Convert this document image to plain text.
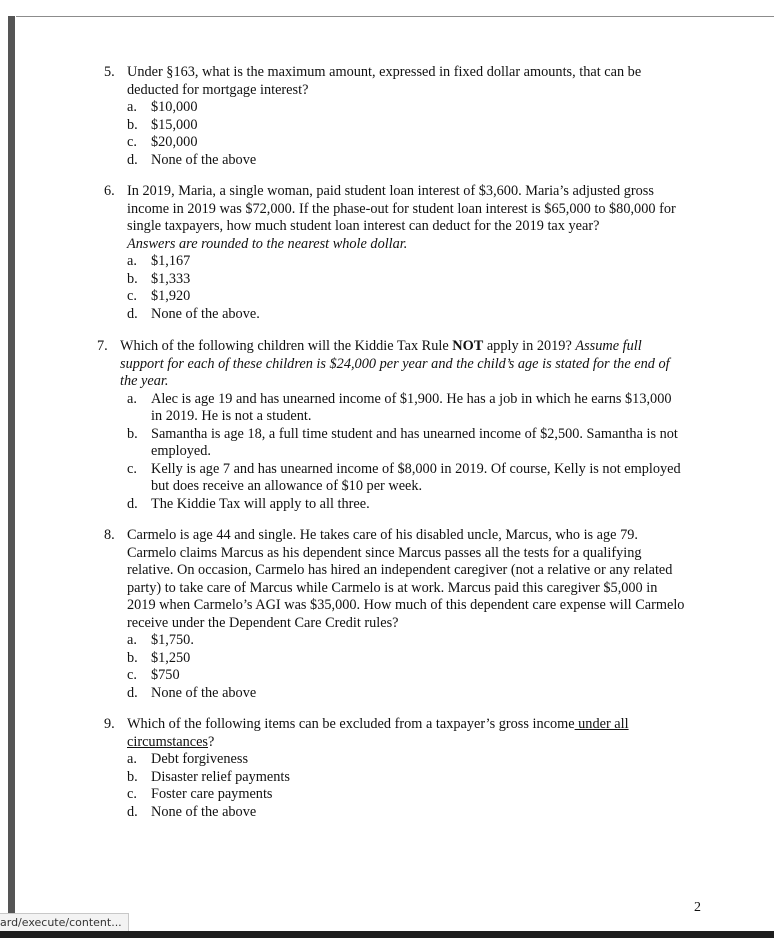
5. Under §163, what is the maximum amount, expressed in fixed dollar amounts, that can be deducted for mortgage interest?
a. $10,000
b. $15,000
c. $20,000
d. None of the above
6. In 2019, Maria, a single woman, paid student loan interest of $3,600. Maria’s adjusted gross income in 2019 was $72,000. If the phase-out for student loan interest is $65,000 to $80,000 for single taxpayers, how much student loan interest can deduct for the 2019 tax year?
Answers are rounded to the nearest whole dollar.
a. $1,167
b. $1,333
c. $1,920
d. None of the above.
7. Which of the following children will the Kiddie Tax Rule NOT apply in 2019? Assume full support for each of these children is $24,000 per year and the child’s age is stated for the end of the year.
a. Alec is age 19 and has unearned income of $1,900. He has a job in which he earns $13,000 in 2019. He is not a student.
b. Samantha is age 18, a full time student and has unearned income of $2,500. Samantha is not employed.
c. Kelly is age 7 and has unearned income of $8,000 in 2019. Of course, Kelly is not employed but does receive an allowance of $10 per week.
d. The Kiddie Tax will apply to all three.
8. Carmelo is age 44 and single. He takes care of his disabled uncle, Marcus, who is age 79. Carmelo claims Marcus as his dependent since Marcus passes all the tests for a qualifying relative. On occasion, Carmelo has hired an independent caregiver (not a relative or any related party) to take care of Marcus while Carmelo is at work. Marcus paid this caregiver $5,000 in 2019 when Carmelo’s AGI was $35,000. How much of this dependent care expense will Carmelo receive under the Dependent Care Credit rules?
a. $1,750.
b. $1,250
c. $750
d. None of the above
9. Which of the following items can be excluded from a taxpayer’s gross income under all circumstances?
a. Debt forgiveness
b. Disaster relief payments
c. Foster care payments
d. None of the above
2
ard/execute/content...
